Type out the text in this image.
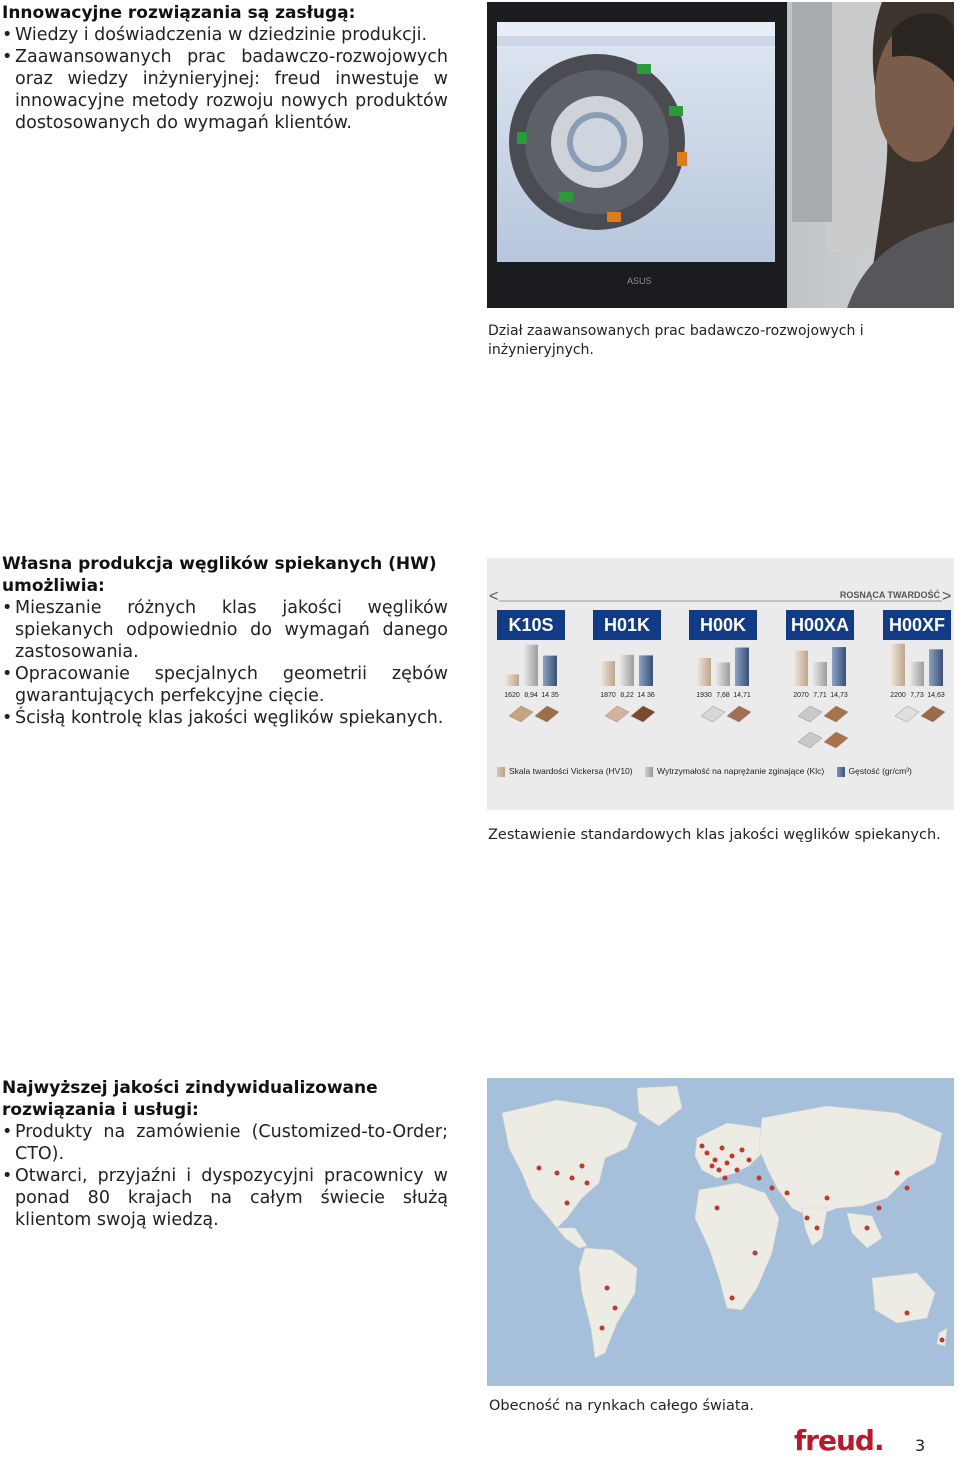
Innowacyjne rozwiązania są zasługą:

• Wiedzy i doświadczenia w dziedzinie produkcji.
• Zaawansowanych prac badawczo-rozwojowych oraz wiedzy inżynieryjnej: freud inwestuje w innowacyjne metody rozwoju nowych produktów dostosowanych do wymagań klientów.
ASUS
Dział zaawansowanych prac badawczo-rozwojowych i inżynieryjnych.

Własna produkcja węglików spiekanych (HW) umożliwia:

• Mieszanie różnych klas jakości węglików spiekanych odpowiednio do wymagań danego zastosowania.
• Opracowanie specjalnych geometrii zębów gwarantujących perfekcyjne cięcie.
• Ścisłą kontrolę klas jakości węglików spiekanych.
<	>
1620 8,94 14 35	1870 8,22 14 36	1930 7,68 14,71	2070 7,71 14,73	2200 7,73 14,63
ROSNĄCA TWARDOŚĆ
K10S	H01K	H00K	H00XA	H00XF
Skala twardości Vickersa (HV10)	Wytrzymałość na naprężanie zginające (Klc)	Gęstość (gr/cm³)
Zestawienie standardowych klas jakości węglików spiekanych.

Najwyższej jakości zindywidualizowane rozwiązania i usługi:

• Produkty na zamówienie (Customized-to-Order; CTO).
• Otwarci, przyjaźni i dyspozycyjni pracownicy w ponad 80 krajach na całym świecie służą klientom swoją wiedzą.
Obecność na rynkach całego świata.
freud. 3
